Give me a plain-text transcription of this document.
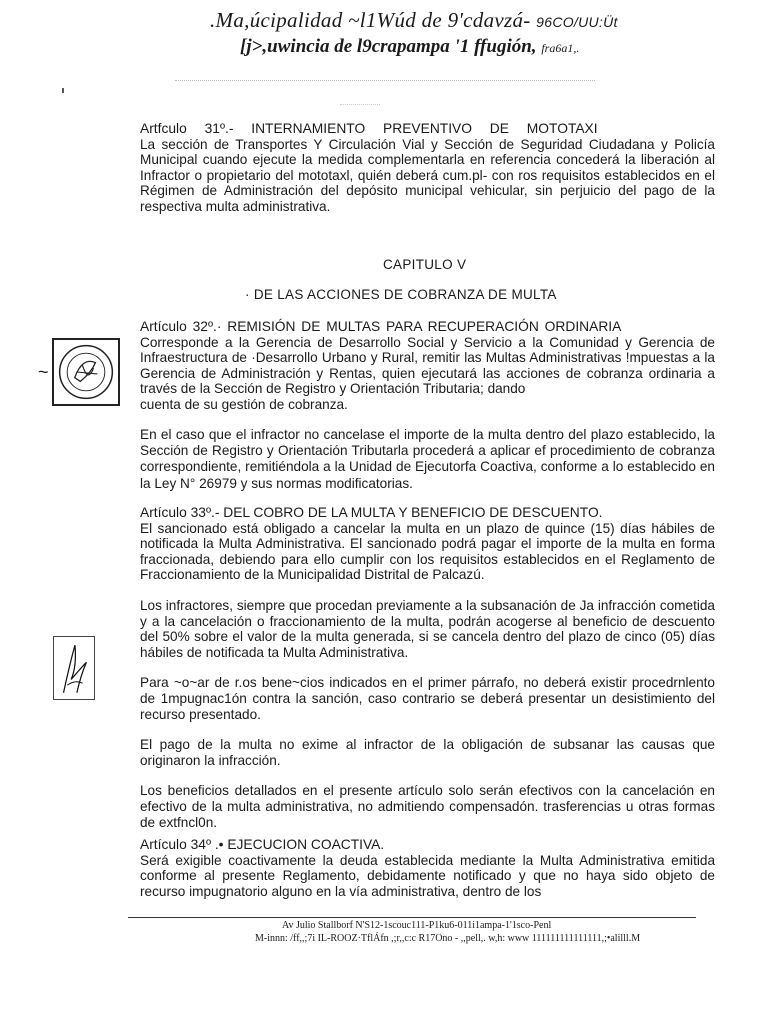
.Ma,úcipalidad ~l1Wúd de 9'cdavzá- 96CO/UU:Üt
[j>,uwincia de l9crapampa '1 ffugión, fra6a1,.

Artfculo 31º.- INTERNAMIENTO PREVENTIVO DE MOTOTAXI

La sección de Transportes Y Circulación Vial y Sección de Seguridad Ciudadana y Policía Municipal cuando ejecute la medida complementarla en referencia concederá la liberación al Infractor o propietario del mototaxl, quién deberá cum.pl- con ros requisitos establecidos en el Régimen de Administración del depósito municipal vehicular, sin perjuicio del pago de la respectiva multa administrativa.

CAPITULO V
· DE LAS ACCIONES DE COBRANZA DE MULTA
~

Artículo 32º.· REMISIÓN DE MULTAS PARA RECUPERACIÓN ORDINARIA

Corresponde a la Gerencia de Desarrollo Social y Servicio a la Comunidad y Gerencia de Infraestructura de ·Desarrollo Urbano y Rural, remitir las Multas Administrativas !mpuestas a la Gerencia de Administración y Rentas, quien ejecutará las acciones de cobranza ordinaria a través de la Sección de Registro y Orientación Tributaria; dando

cuenta de su gestión de cobranza.

En el caso que el infractor no cancelase el importe de la multa dentro del plazo establecido, la Sección de Registro y Orientación Tributarla procederá a aplicar ef procedimiento de cobranza correspondiente, remitiéndola a la Unidad de Ejecutorfa Coactiva, conforme a lo establecido en la Ley N° 26979 y sus normas modificatorias.

Artículo 33º.- DEL COBRO DE LA MULTA Y BENEFICIO DE DESCUENTO.

El sancionado está obligado a cancelar la multa en un plazo de quince (15) días hábiles de notificada la Multa Administrativa. El sancionado podrá pagar el importe de la multa en forma fraccionada, debiendo para ello cumplir con los requisitos establecidos en el Reglamento de Fraccionamiento de la Municipalidad Distrital de Palcazú.

Los infractores, siempre que procedan previamente a la subsanación de Ja infracción cometida y a la cancelación o fraccionamiento de la multa, podrán acogerse al beneficio de descuento del 50% sobre el valor de la multa generada, si se cancela dentro del plazo de cinco (05) días hábiles de notificada ta Multa Administrativa.

Para ~o~ar de r.os bene~cios indicados en el primer párrafo, no deberá existir procedrnlento de 1mpugnac1ón contra la sanción, caso contrario se deberá presentar un desistimiento del recurso presentado.

El pago de la multa no exime al infractor de la obligación de subsanar las causas que originaron la infracción.

Los beneficios detallados en el presente artículo solo serán efectivos con la cancelación en efectivo de la multa administrativa, no admitiendo compensadón. trasferencias u otras formas de extfncl0n.

Artículo 34º .• EJECUCION COACTIVA.

Será exigible coactivamente la deuda establecida mediante la Multa Administrativa emitida conforme al presente Reglamento, debidamente notificado y que no haya sido objeto de recurso impugnatorio alguno en la vía administrativa, dentro de los

Av Julio Stallborf N'S12-1scouc111-P1ku6-011i1ampa-1'1sco-Penl
M-innn: /ff,,;7i IL-ROOZ·TflÁfn ,;r,,c:c R17Ono - ,,pell,. w,h: www 111111111111111,;•alilll.M
